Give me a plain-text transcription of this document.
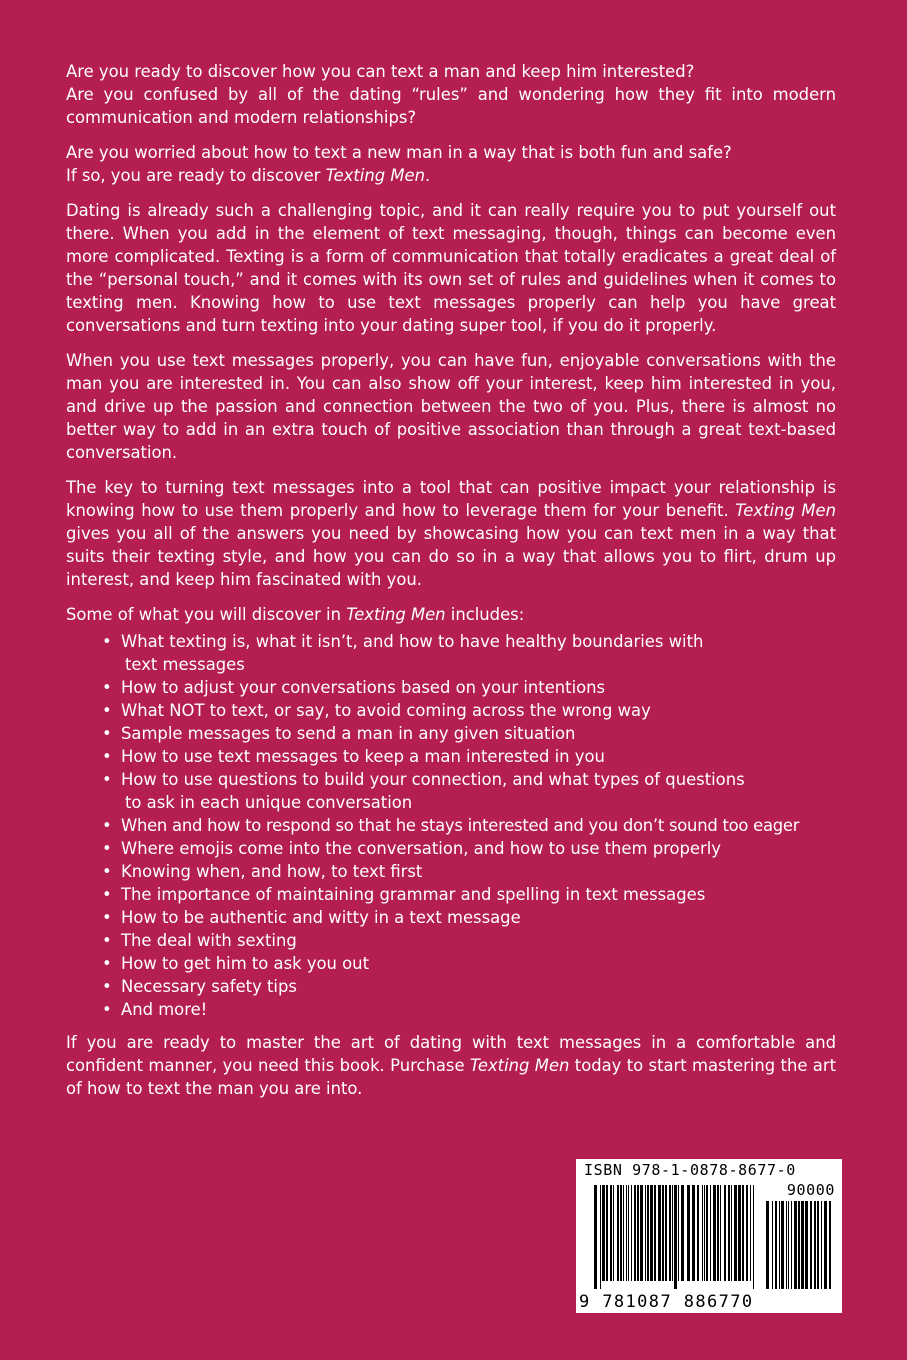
Are you ready to discover how you can text a man and keep him interested?
Are you confused by all of the dating “rules” and wondering how they fit into modern communication and modern relationships?

Are you worried about how to text a new man in a way that is both fun and safe?
If so, you are ready to discover Texting Men.

Dating is already such a challenging topic, and it can really require you to put yourself out there. When you add in the element of text messaging, though, things can become even more complicated. Texting is a form of communication that totally eradicates a great deal of the “personal touch,” and it comes with its own set of rules and guidelines when it comes to texting men. Knowing how to use text messages properly can help you have great conversations and turn texting into your dating super tool, if you do it properly.

When you use text messages properly, you can have fun, enjoyable conversations with the man you are interested in. You can also show off your interest, keep him interested in you, and drive up the passion and connection between the two of you. Plus, there is almost no better way to add in an extra touch of positive association than through a great text-based conversation.

The key to turning text messages into a tool that can positive impact your relationship is knowing how to use them properly and how to leverage them for your benefit. Texting Men gives you all of the answers you need by showcasing how you can text men in a way that suits their texting style, and how you can do so in a way that allows you to flirt, drum up interest, and keep him fascinated with you.

Some of what you will discover in Texting Men includes:

• What texting is, what it isn’t, and how to have healthy boundaries with
text messages
• How to adjust your conversations based on your intentions
• What NOT to text, or say, to avoid coming across the wrong way
• Sample messages to send a man in any given situation
• How to use text messages to keep a man interested in you
• How to use questions to build your connection, and what types of questions
to ask in each unique conversation
• When and how to respond so that he stays interested and you don’t sound too eager
• Where emojis come into the conversation, and how to use them properly
• Knowing when, and how, to text first
• The importance of maintaining grammar and spelling in text messages
• How to be authentic and witty in a text message
• The deal with sexting
• How to get him to ask you out
• Necessary safety tips
• And more!

If you are ready to master the art of dating with text messages in a comfortable and confident manner, you need this book. Purchase Texting Men today to start mastering the art of how to text the man you are into.

ISBN 978-1-0878-8677-0
90000
9 781087 886770
